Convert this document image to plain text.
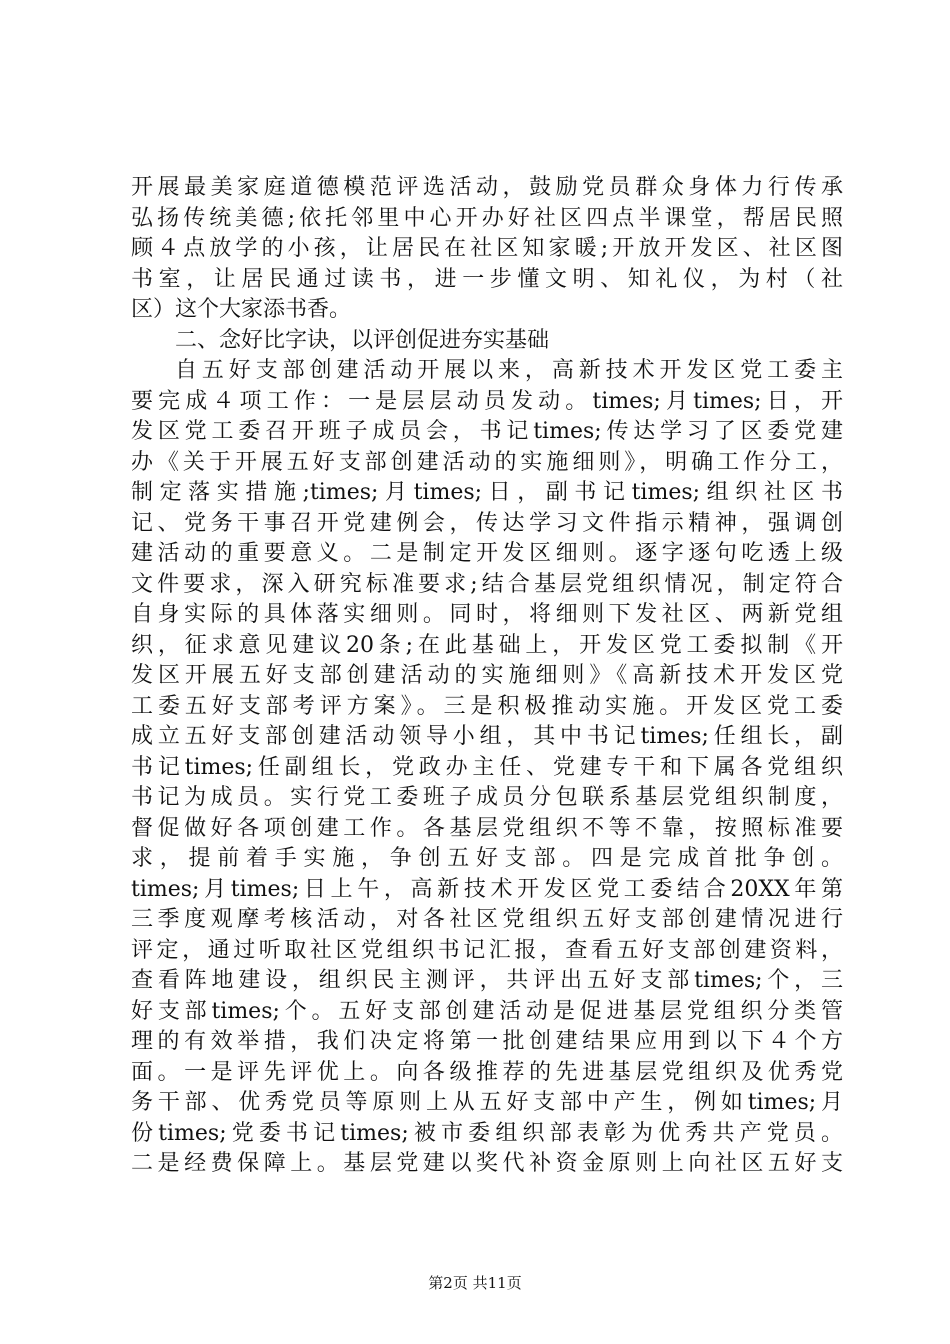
开展最美家庭道德模范评选活动，鼓励党员群众身体力行传承
弘扬传统美德;依托邻里中心开办好社区四点半课堂，帮居民照
顾４点放学的小孩，让居民在社区知家暖;开放开发区、社区图
书室，让居民通过读书，进一步懂文明、知礼仪，为村（社
区）这个大家添书香。
二、念好比字诀，以评创促进夯实基础
自五好支部创建活动开展以来，高新技术开发区党工委主
要完成４项工作：一是层层动员发动。times;月times;日，开
发区党工委召开班子成员会，书记times;传达学习了区委党建
办《关于开展五好支部创建活动的实施细则》，明确工作分工，
制定落实措施;times;月times;日，副书记times;组织社区书
记、党务干事召开党建例会，传达学习文件指示精神，强调创
建活动的重要意义。二是制定开发区细则。逐字逐句吃透上级
文件要求，深入研究标准要求;结合基层党组织情况，制定符合
自身实际的具体落实细则。同时，将细则下发社区、两新党组
织，征求意见建议20条;在此基础上，开发区党工委拟制《开
发区开展五好支部创建活动的实施细则》《高新技术开发区党
工委五好支部考评方案》。三是积极推动实施。开发区党工委
成立五好支部创建活动领导小组，其中书记times;任组长，副
书记times;任副组长，党政办主任、党建专干和下属各党组织
书记为成员。实行党工委班子成员分包联系基层党组织制度，
督促做好各项创建工作。各基层党组织不等不靠，按照标准要
求，提前着手实施，争创五好支部。四是完成首批争创。
times;月times;日上午，高新技术开发区党工委结合20XX年第
三季度观摩考核活动，对各社区党组织五好支部创建情况进行
评定，通过听取社区党组织书记汇报，查看五好支部创建资料，
查看阵地建设，组织民主测评，共评出五好支部times;个，三
好支部times;个。五好支部创建活动是促进基层党组织分类管
理的有效举措，我们决定将第一批创建结果应用到以下４个方
面。一是评先评优上。向各级推荐的先进基层党组织及优秀党
务干部、优秀党员等原则上从五好支部中产生，例如times;月
份times;党委书记times;被市委组织部表彰为优秀共产党员。
二是经费保障上。基层党建以奖代补资金原则上向社区五好支
第2页 共11页
